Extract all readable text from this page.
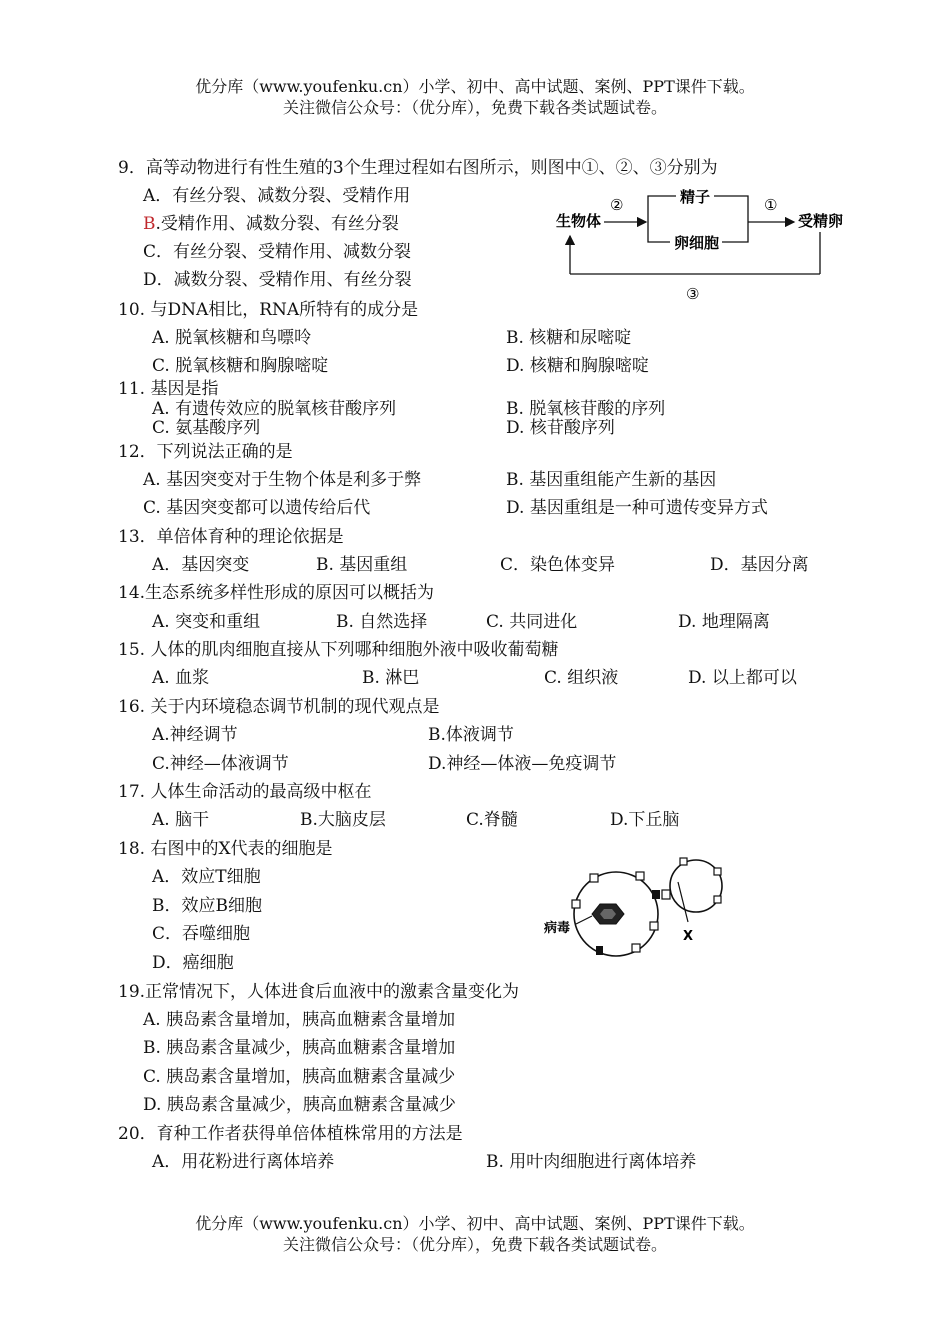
优分库（www.youfenku.cn）小学、初中、高中试题、案例、PPT课件下载。
关注微信公众号：（优分库），免费下载各类试题试卷。
9．高等动物进行有性生殖的3个生理过程如右图所示，则图中①、②、③分别为
A．有丝分裂、减数分裂、受精作用
B.受精作用、减数分裂、有丝分裂
C．有丝分裂、受精作用、减数分裂
D．减数分裂、受精作用、有丝分裂
生物体
②	精子
卵细胞
①
受精卵
③
10. 与DNA相比，RNA所特有的成分是
A. 脱氧核糖和鸟嘌呤	B. 核糖和尿嘧啶
C. 脱氧核糖和胸腺嘧啶	D. 核糖和胸腺嘧啶
11. 基因是指
A. 有遗传效应的脱氧核苷酸序列	B. 脱氧核苷酸的序列
C. 氨基酸序列	D. 核苷酸序列
12．下列说法正确的是
A. 基因突变对于生物个体是利多于弊	B. 基因重组能产生新的基因
C. 基因突变都可以遗传给后代	D. 基因重组是一种可遗传变异方式
13．单倍体育种的理论依据是
A．基因突变	B. 基因重组	C．染色体变异	D．基因分离
14.生态系统多样性形成的原因可以概括为
A. 突变和重组	B. 自然选择	C. 共同进化	D. 地理隔离
15. 人体的肌肉细胞直接从下列哪种细胞外液中吸收葡萄糖
A. 血浆	B. 淋巴	C. 组织液	D. 以上都可以
16. 关于内环境稳态调节机制的现代观点是
A.神经调节	B.体液调节
C.神经—体液调节	D.神经—体液—免疫调节
17. 人体生命活动的最高级中枢在
A. 脑干	B.大脑皮层	C.脊髓	D.下丘脑
18. 右图中的X代表的细胞是
A．效应T细胞
B．效应B细胞
C．吞噬细胞
D．癌细胞
病毒
X
19.正常情况下，人体进食后血液中的激素含量变化为
A. 胰岛素含量增加，胰高血糖素含量增加
B. 胰岛素含量减少，胰高血糖素含量增加
C. 胰岛素含量增加，胰高血糖素含量减少
D. 胰岛素含量减少，胰高血糖素含量减少
20．育种工作者获得单倍体植株常用的方法是
A．用花粉进行离体培养	B. 用叶肉细胞进行离体培养
优分库（www.youfenku.cn）小学、初中、高中试题、案例、PPT课件下载。
关注微信公众号：（优分库），免费下载各类试题试卷。
